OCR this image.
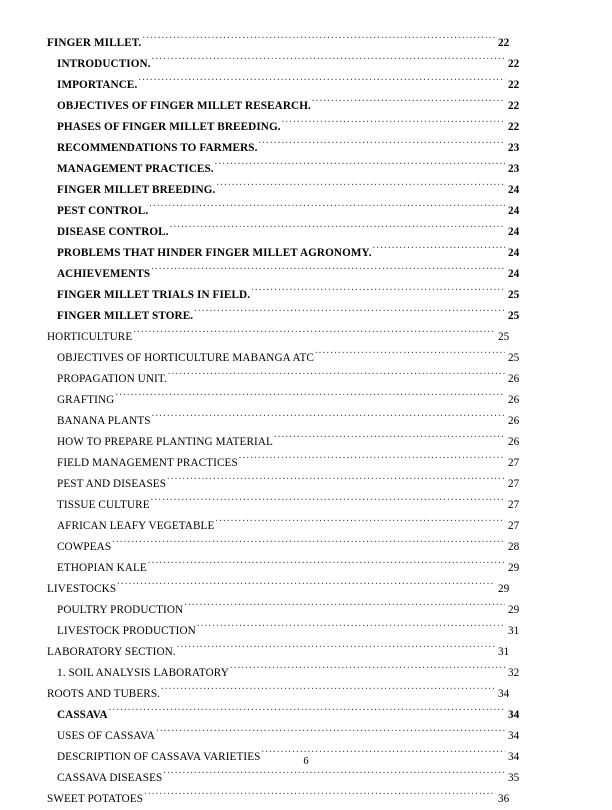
FINGER MILLET. .....	22
INTRODUCTION. .....	22
IMPORTANCE. .....	22
OBJECTIVES OF FINGER MILLET RESEARCH. .....	22
PHASES OF FINGER MILLET BREEDING. .....	22
RECOMMENDATIONS TO FARMERS. .....	23
MANAGEMENT PRACTICES. .....	23
FINGER MILLET BREEDING. .....	24
PEST CONTROL. .....	24
DISEASE CONTROL. .....	24
PROBLEMS THAT HINDER FINGER MILLET AGRONOMY. .....	24
ACHIEVEMENTS .....	24
FINGER MILLET TRIALS IN FIELD. .....	25
FINGER MILLET STORE. .....	25
HORTICULTURE .....	25
OBJECTIVES OF HORTICULTURE MABANGA ATC .....	25
PROPAGATION UNIT. .....	26
GRAFTING .....	26
BANANA PLANTS .....	26
HOW TO PREPARE PLANTING MATERIAL .....	26
FIELD MANAGEMENT PRACTICES .....	27
PEST AND DISEASES .....	27
TISSUE CULTURE .....	27
AFRICAN LEAFY VEGETABLE .....	27
COWPEAS .....	28
ETHOPIAN KALE .....	29
LIVESTOCKS .....	29
POULTRY PRODUCTION .....	29
LIVESTOCK PRODUCTION .....	31
LABORATORY SECTION. .....	31
1. SOIL ANALYSIS LABORATORY .....	32
ROOTS AND TUBERS. .....	34
CASSAVA .....	34
USES OF CASSAVA .....	34
DESCRIPTION OF CASSAVA VARIETIES .....	34
CASSAVA DISEASES .....	35
SWEET POTATOES .....	36
6
